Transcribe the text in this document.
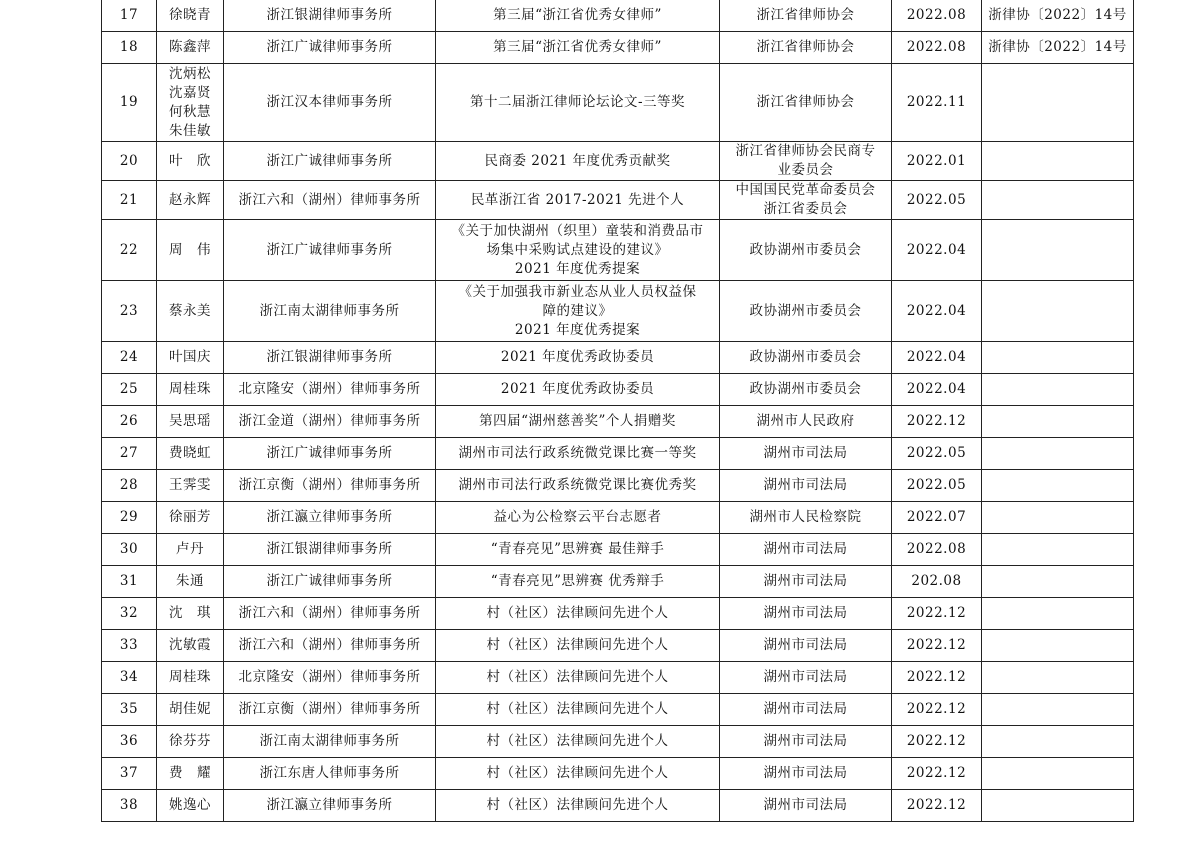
17	徐晓青	浙江银湖律师事务所	第三届“浙江省优秀女律师”	浙江省律师协会	2022.08	浙律协〔2022〕14号
18	陈鑫萍	浙江广诚律师事务所	第三届“浙江省优秀女律师”	浙江省律师协会	2022.08	浙律协〔2022〕14号
19	沈炳松
沈嘉贤
何秋慧
朱佳敏	浙江汉本律师事务所	第十二届浙江律师论坛论文-三等奖	浙江省律师协会	2022.11	
20	叶　欣	浙江广诚律师事务所	民商委 2021 年度优秀贡献奖	浙江省律师协会民商专
业委员会	2022.01	
21	赵永辉	浙江六和（湖州）律师事务所	民革浙江省 2017-2021 先进个人	中国国民党革命委员会
浙江省委员会	2022.05	
22	周　伟	浙江广诚律师事务所	《关于加快湖州（织里）童装和消费品市
场集中采购试点建设的建议》
2021 年度优秀提案	政协湖州市委员会	2022.04	
23	蔡永美	浙江南太湖律师事务所	《关于加强我市新业态从业人员权益保
障的建议》
2021 年度优秀提案	政协湖州市委员会	2022.04	
24	叶国庆	浙江银湖律师事务所	2021 年度优秀政协委员	政协湖州市委员会	2022.04	
25	周桂珠	北京隆安（湖州）律师事务所	2021 年度优秀政协委员	政协湖州市委员会	2022.04	
26	吴思瑶	浙江金道（湖州）律师事务所	第四届“湖州慈善奖”个人捐赠奖	湖州市人民政府	2022.12	
27	费晓虹	浙江广诚律师事务所	湖州市司法行政系统微党课比赛一等奖	湖州市司法局	2022.05	
28	王霁雯	浙江京衡（湖州）律师事务所	湖州市司法行政系统微党课比赛优秀奖	湖州市司法局	2022.05	
29	徐丽芳	浙江瀛立律师事务所	益心为公检察云平台志愿者	湖州市人民检察院	2022.07	
30	卢丹	浙江银湖律师事务所	“青春亮见”思辨赛 最佳辩手	湖州市司法局	2022.08	
31	朱通	浙江广诚律师事务所	“青春亮见”思辨赛 优秀辩手	湖州市司法局	202.08	
32	沈　琪	浙江六和（湖州）律师事务所	村（社区）法律顾问先进个人	湖州市司法局	2022.12	
33	沈敏霞	浙江六和（湖州）律师事务所	村（社区）法律顾问先进个人	湖州市司法局	2022.12	
34	周桂珠	北京隆安（湖州）律师事务所	村（社区）法律顾问先进个人	湖州市司法局	2022.12	
35	胡佳妮	浙江京衡（湖州）律师事务所	村（社区）法律顾问先进个人	湖州市司法局	2022.12	
36	徐芬芬	浙江南太湖律师事务所	村（社区）法律顾问先进个人	湖州市司法局	2022.12	
37	费　耀	浙江东唐人律师事务所	村（社区）法律顾问先进个人	湖州市司法局	2022.12	
38	姚逸心	浙江瀛立律师事务所	村（社区）法律顾问先进个人	湖州市司法局	2022.12	
